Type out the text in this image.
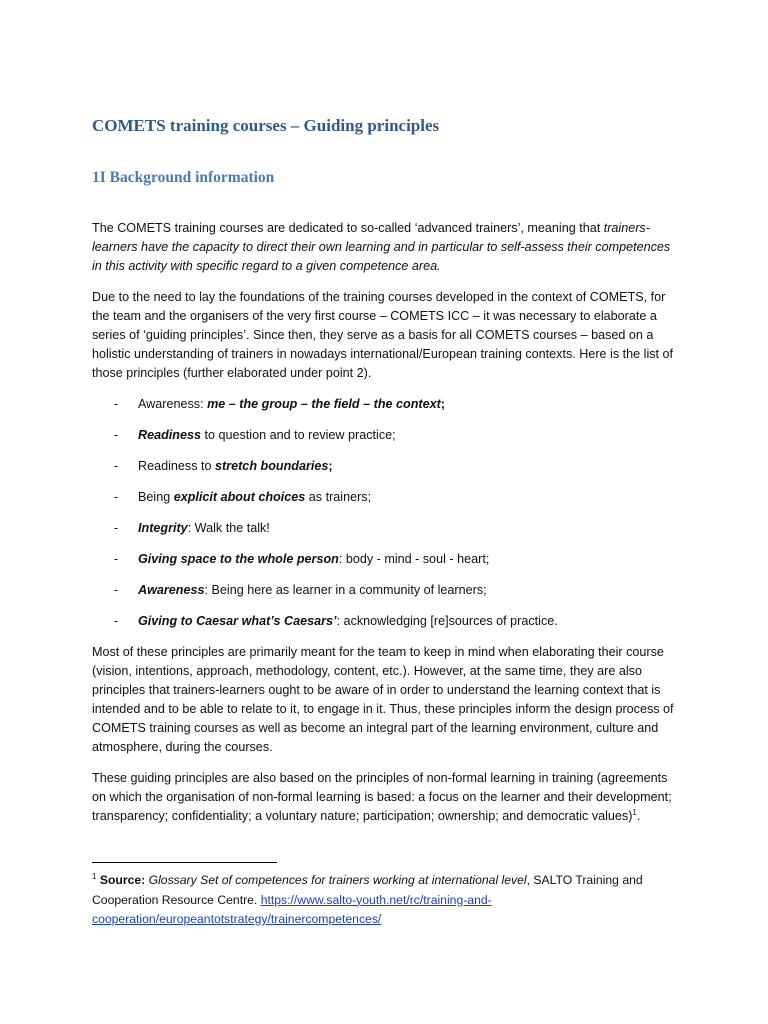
COMETS training courses – Guiding principles
1I Background information

The COMETS training courses are dedicated to so-called ‘advanced trainers’, meaning that trainers-learners have the capacity to direct their own learning and in particular to self-assess their competences in this activity with specific regard to a given competence area.

Due to the need to lay the foundations of the training courses developed in the context of COMETS, for the team and the organisers of the very first course – COMETS ICC – it was necessary to elaborate a series of ‘guiding principles’. Since then, they serve as a basis for all COMETS courses – based on a holistic understanding of trainers in nowadays international/European training contexts. Here is the list of those principles (further elaborated under point 2).

- Awareness: me – the group – the field – the context;
- Readiness to question and to review practice;
- Readiness to stretch boundaries;
- Being explicit about choices as trainers;
- Integrity: Walk the talk!
- Giving space to the whole person: body - mind - soul - heart;
- Awareness: Being here as learner in a community of learners;
- Giving to Caesar what’s Caesars’: acknowledging [re]sources of practice.

Most of these principles are primarily meant for the team to keep in mind when elaborating their course (vision, intentions, approach, methodology, content, etc.). However, at the same time, they are also principles that trainers-learners ought to be aware of in order to understand the learning context that is intended and to be able to relate to it, to engage in it. Thus, these principles inform the design process of COMETS training courses as well as become an integral part of the learning environment, culture and atmosphere, during the courses.

These guiding principles are also based on the principles of non-formal learning in training (agreements on which the organisation of non-formal learning is based: a focus on the learner and their development; transparency; confidentiality; a voluntary nature; participation; ownership; and democratic values)$^1$.

$^1$ Source: Glossary Set of competences for trainers working at international level, SALTO Training and Cooperation Resource Centre. https://www.salto-youth.net/rc/training-and-cooperation/europeantotstrategy/trainercompetences/
